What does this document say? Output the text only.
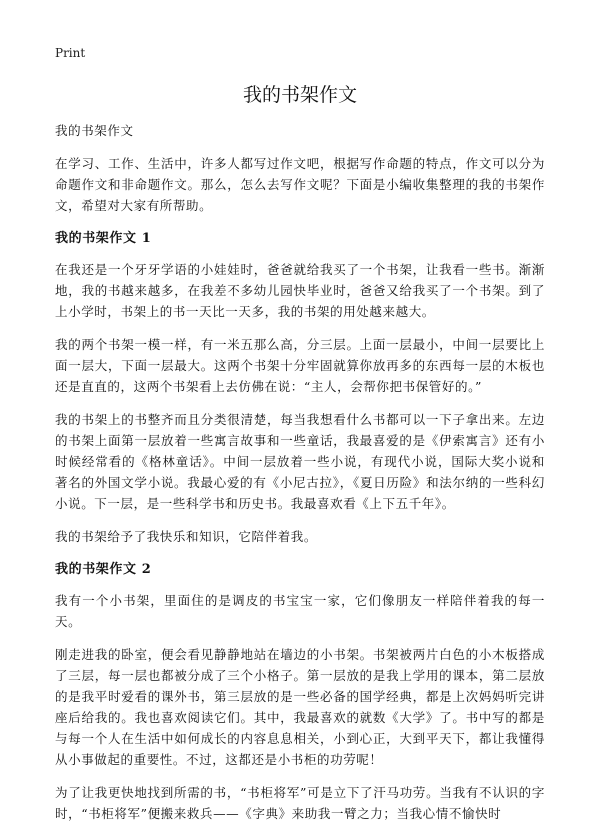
Print
我的书架作文

我的书架作文

在学习、工作、生活中，许多人都写过作文吧，根据写作命题的特点，作文可以分为命题作文和非命题作文。那么，怎么去写作文呢？下面是小编收集整理的我的书架作文，希望对大家有所帮助。

我的书架作文 1

在我还是一个牙牙学语的小娃娃时，爸爸就给我买了一个书架，让我看一些书。渐渐地，我的书越来越多，在我差不多幼儿园快毕业时，爸爸又给我买了一个书架。到了上小学时，书架上的书一天比一天多，我的书架的用处越来越大。

我的两个书架一模一样，有一米五那么高，分三层。上面一层最小，中间一层要比上面一层大，下面一层最大。这两个书架十分牢固就算你放再多的东西每一层的木板也还是直直的，这两个书架看上去仿佛在说：“主人，会帮你把书保管好的。”

我的书架上的书整齐而且分类很清楚，每当我想看什么书都可以一下子拿出来。左边的书架上面第一层放着一些寓言故事和一些童话，我最喜爱的是《伊索寓言》还有小时候经常看的《格林童话》。中间一层放着一些小说，有现代小说，国际大奖小说和著名的外国文学小说。我最心爱的有《小尼古拉》，《夏日历险》和法尔纳的一些科幻小说。下一层，是一些科学书和历史书。我最喜欢看《上下五千年》。

我的书架给予了我快乐和知识，它陪伴着我。

我的书架作文 2

我有一个小书架，里面住的是调皮的书宝宝一家，它们像朋友一样陪伴着我的每一天。

刚走进我的卧室，便会看见静静地站在墙边的小书架。书架被两片白色的小木板搭成了三层，每一层也都被分成了三个小格子。第一层放的是我上学用的课本，第二层放的是我平时爱看的课外书，第三层放的是一些必备的国学经典，都是上次妈妈听完讲座后给我的。我也喜欢阅读它们。其中，我最喜欢的就数《大学》了。书中写的都是与每一个人在生活中如何成长的内容息息相关，小到心正，大到平天下，都让我懂得从小事做起的重要性。不过，这都还是小书柜的功劳呢！

为了让我更快地找到所需的书，“书柜将军”可是立下了汗马功劳。当我有不认识的字时，“书柜将军”便搬来救兵——《字典》来助我一臂之力；当我心情不愉快时
